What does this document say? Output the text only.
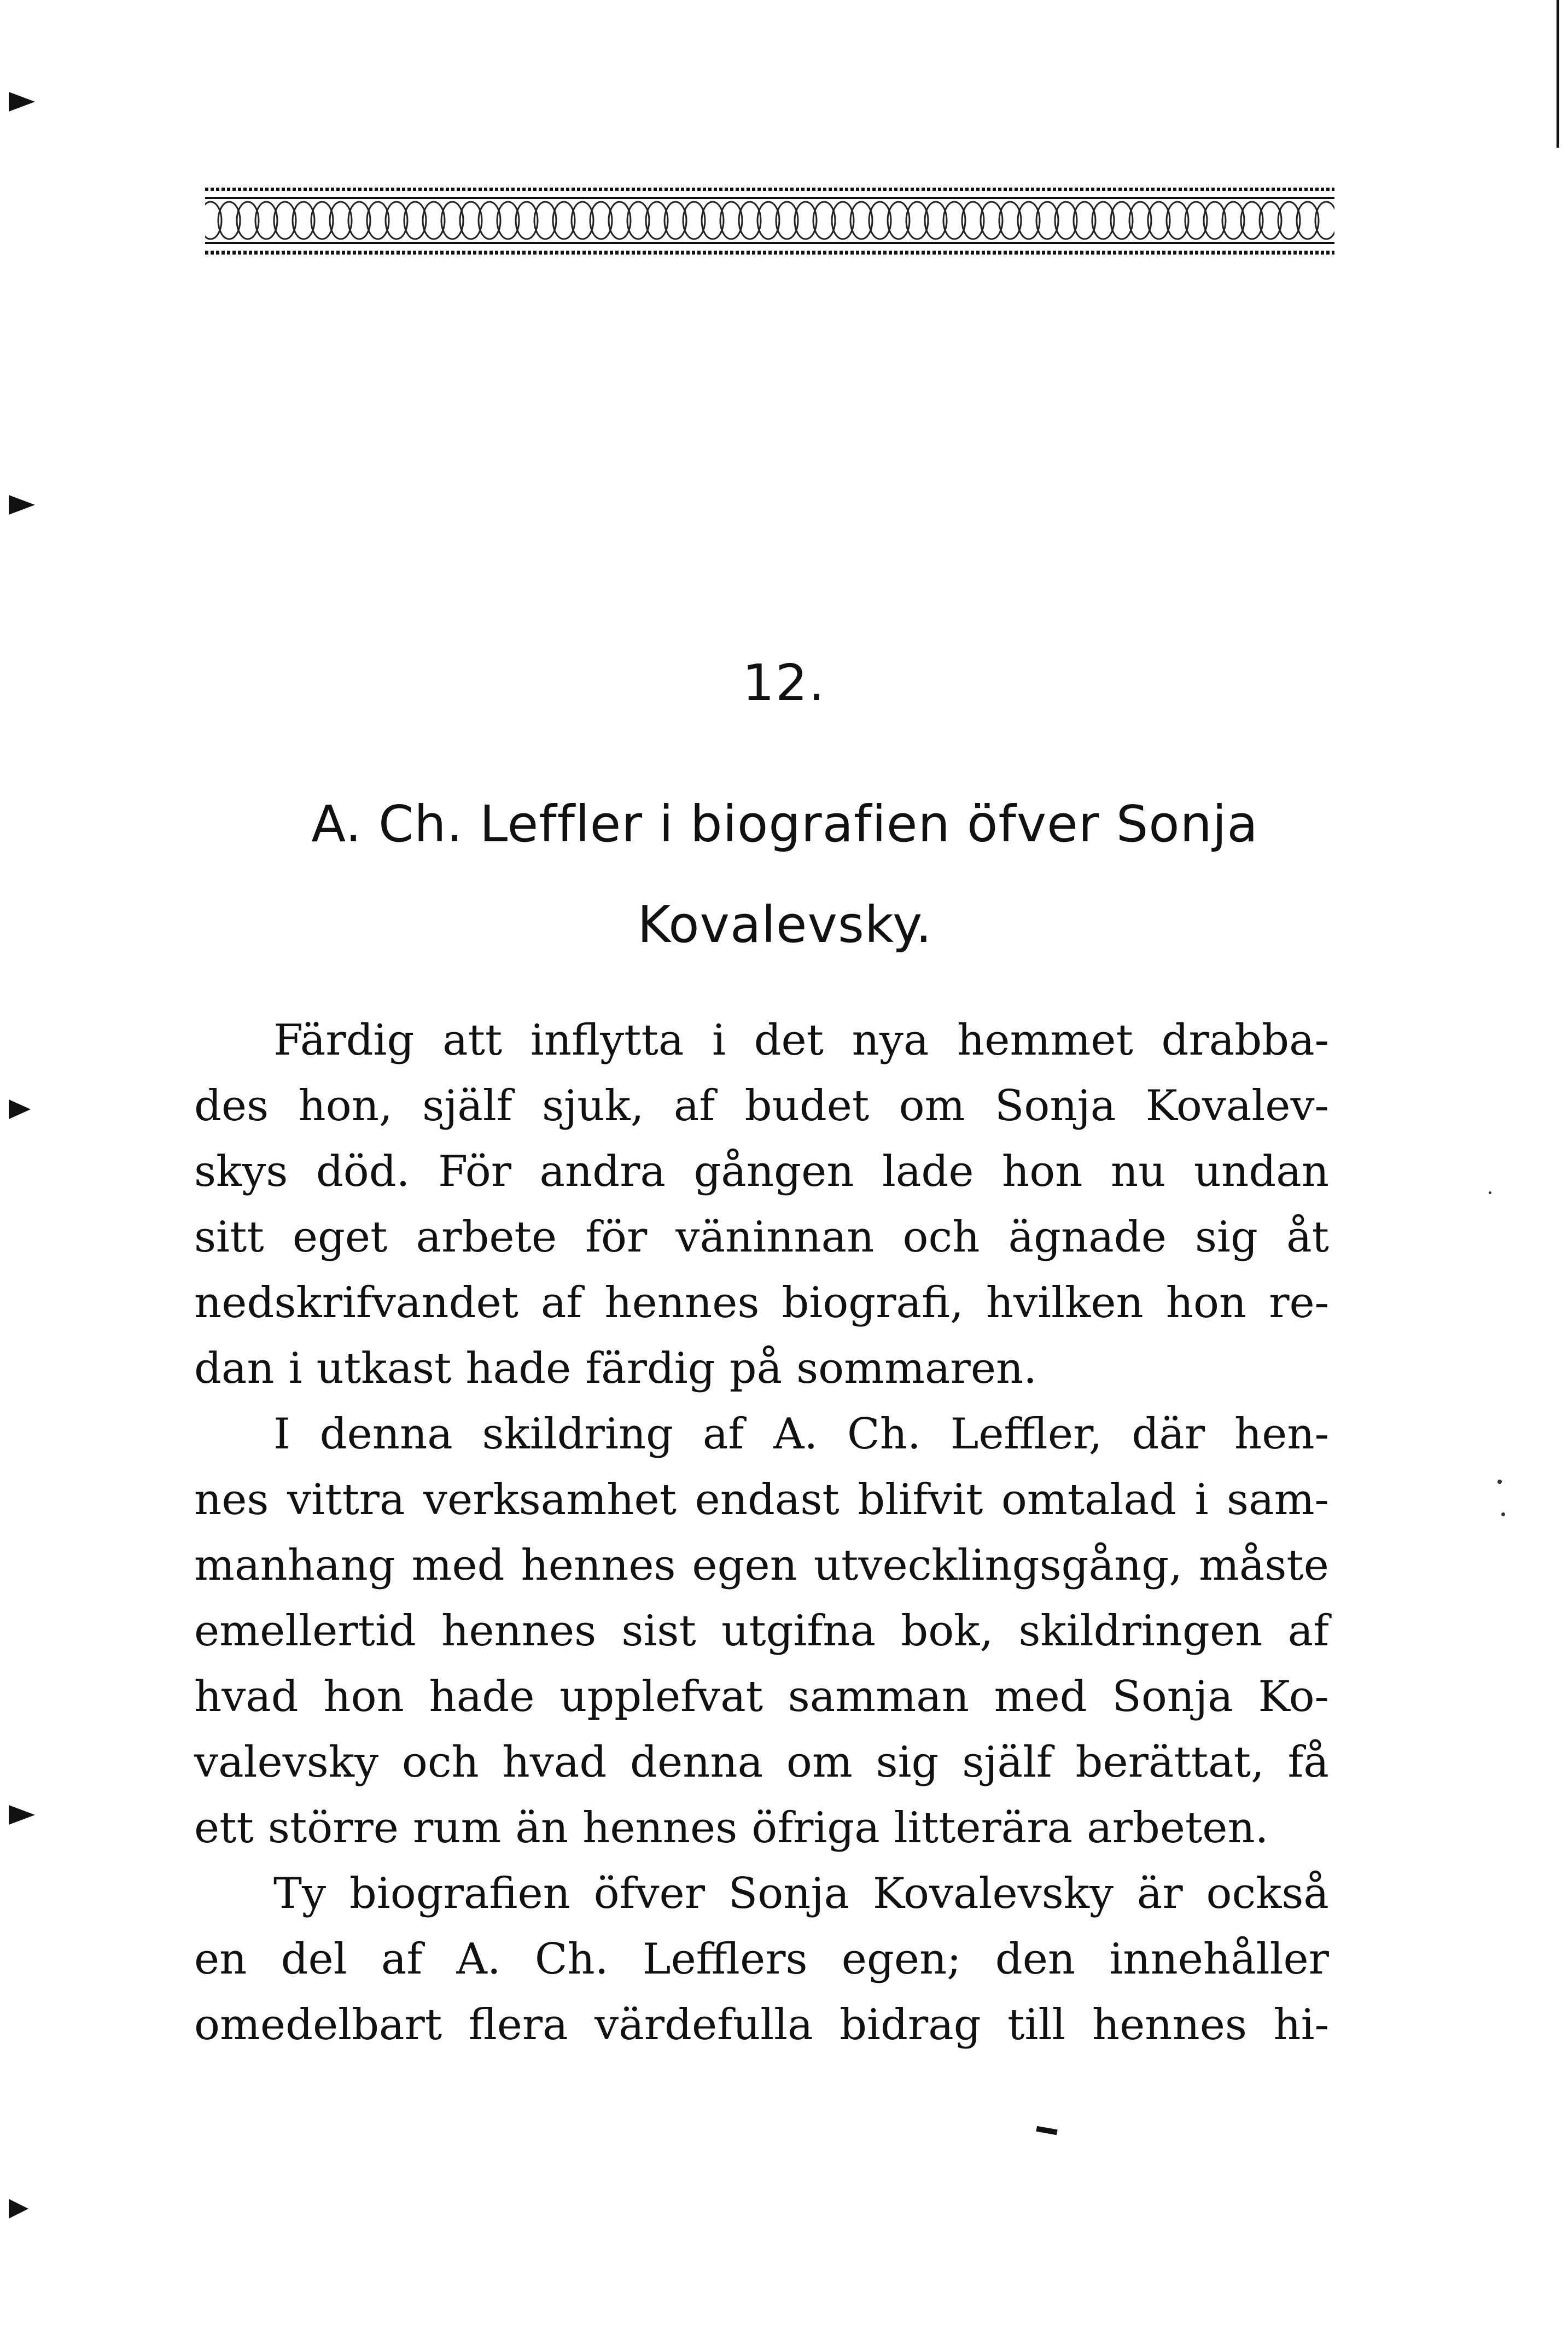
12.
A. Ch. Leffler i biografien öfver Sonja
Kovalevsky.
Färdig att inflytta i det nya hemmet drabba-
des hon, själf sjuk, af budet om Sonja Kovalev-
skys död. För andra gången lade hon nu undan
sitt eget arbete för väninnan och ägnade sig åt
nedskrifvandet af hennes biografi, hvilken hon re-
dan i utkast hade färdig på sommaren.
I denna skildring af A. Ch. Leffler, där hen-
nes vittra verksamhet endast blifvit omtalad i sam-
manhang med hennes egen utvecklingsgång, måste
emellertid hennes sist utgifna bok, skildringen af
hvad hon hade upplefvat samman med Sonja Ko-
valevsky och hvad denna om sig själf berättat, få
ett större rum än hennes öfriga litterära arbeten.
Ty biografien öfver Sonja Kovalevsky är också
en del af A. Ch. Lefflers egen; den innehåller
omedelbart flera värdefulla bidrag till hennes hi-
